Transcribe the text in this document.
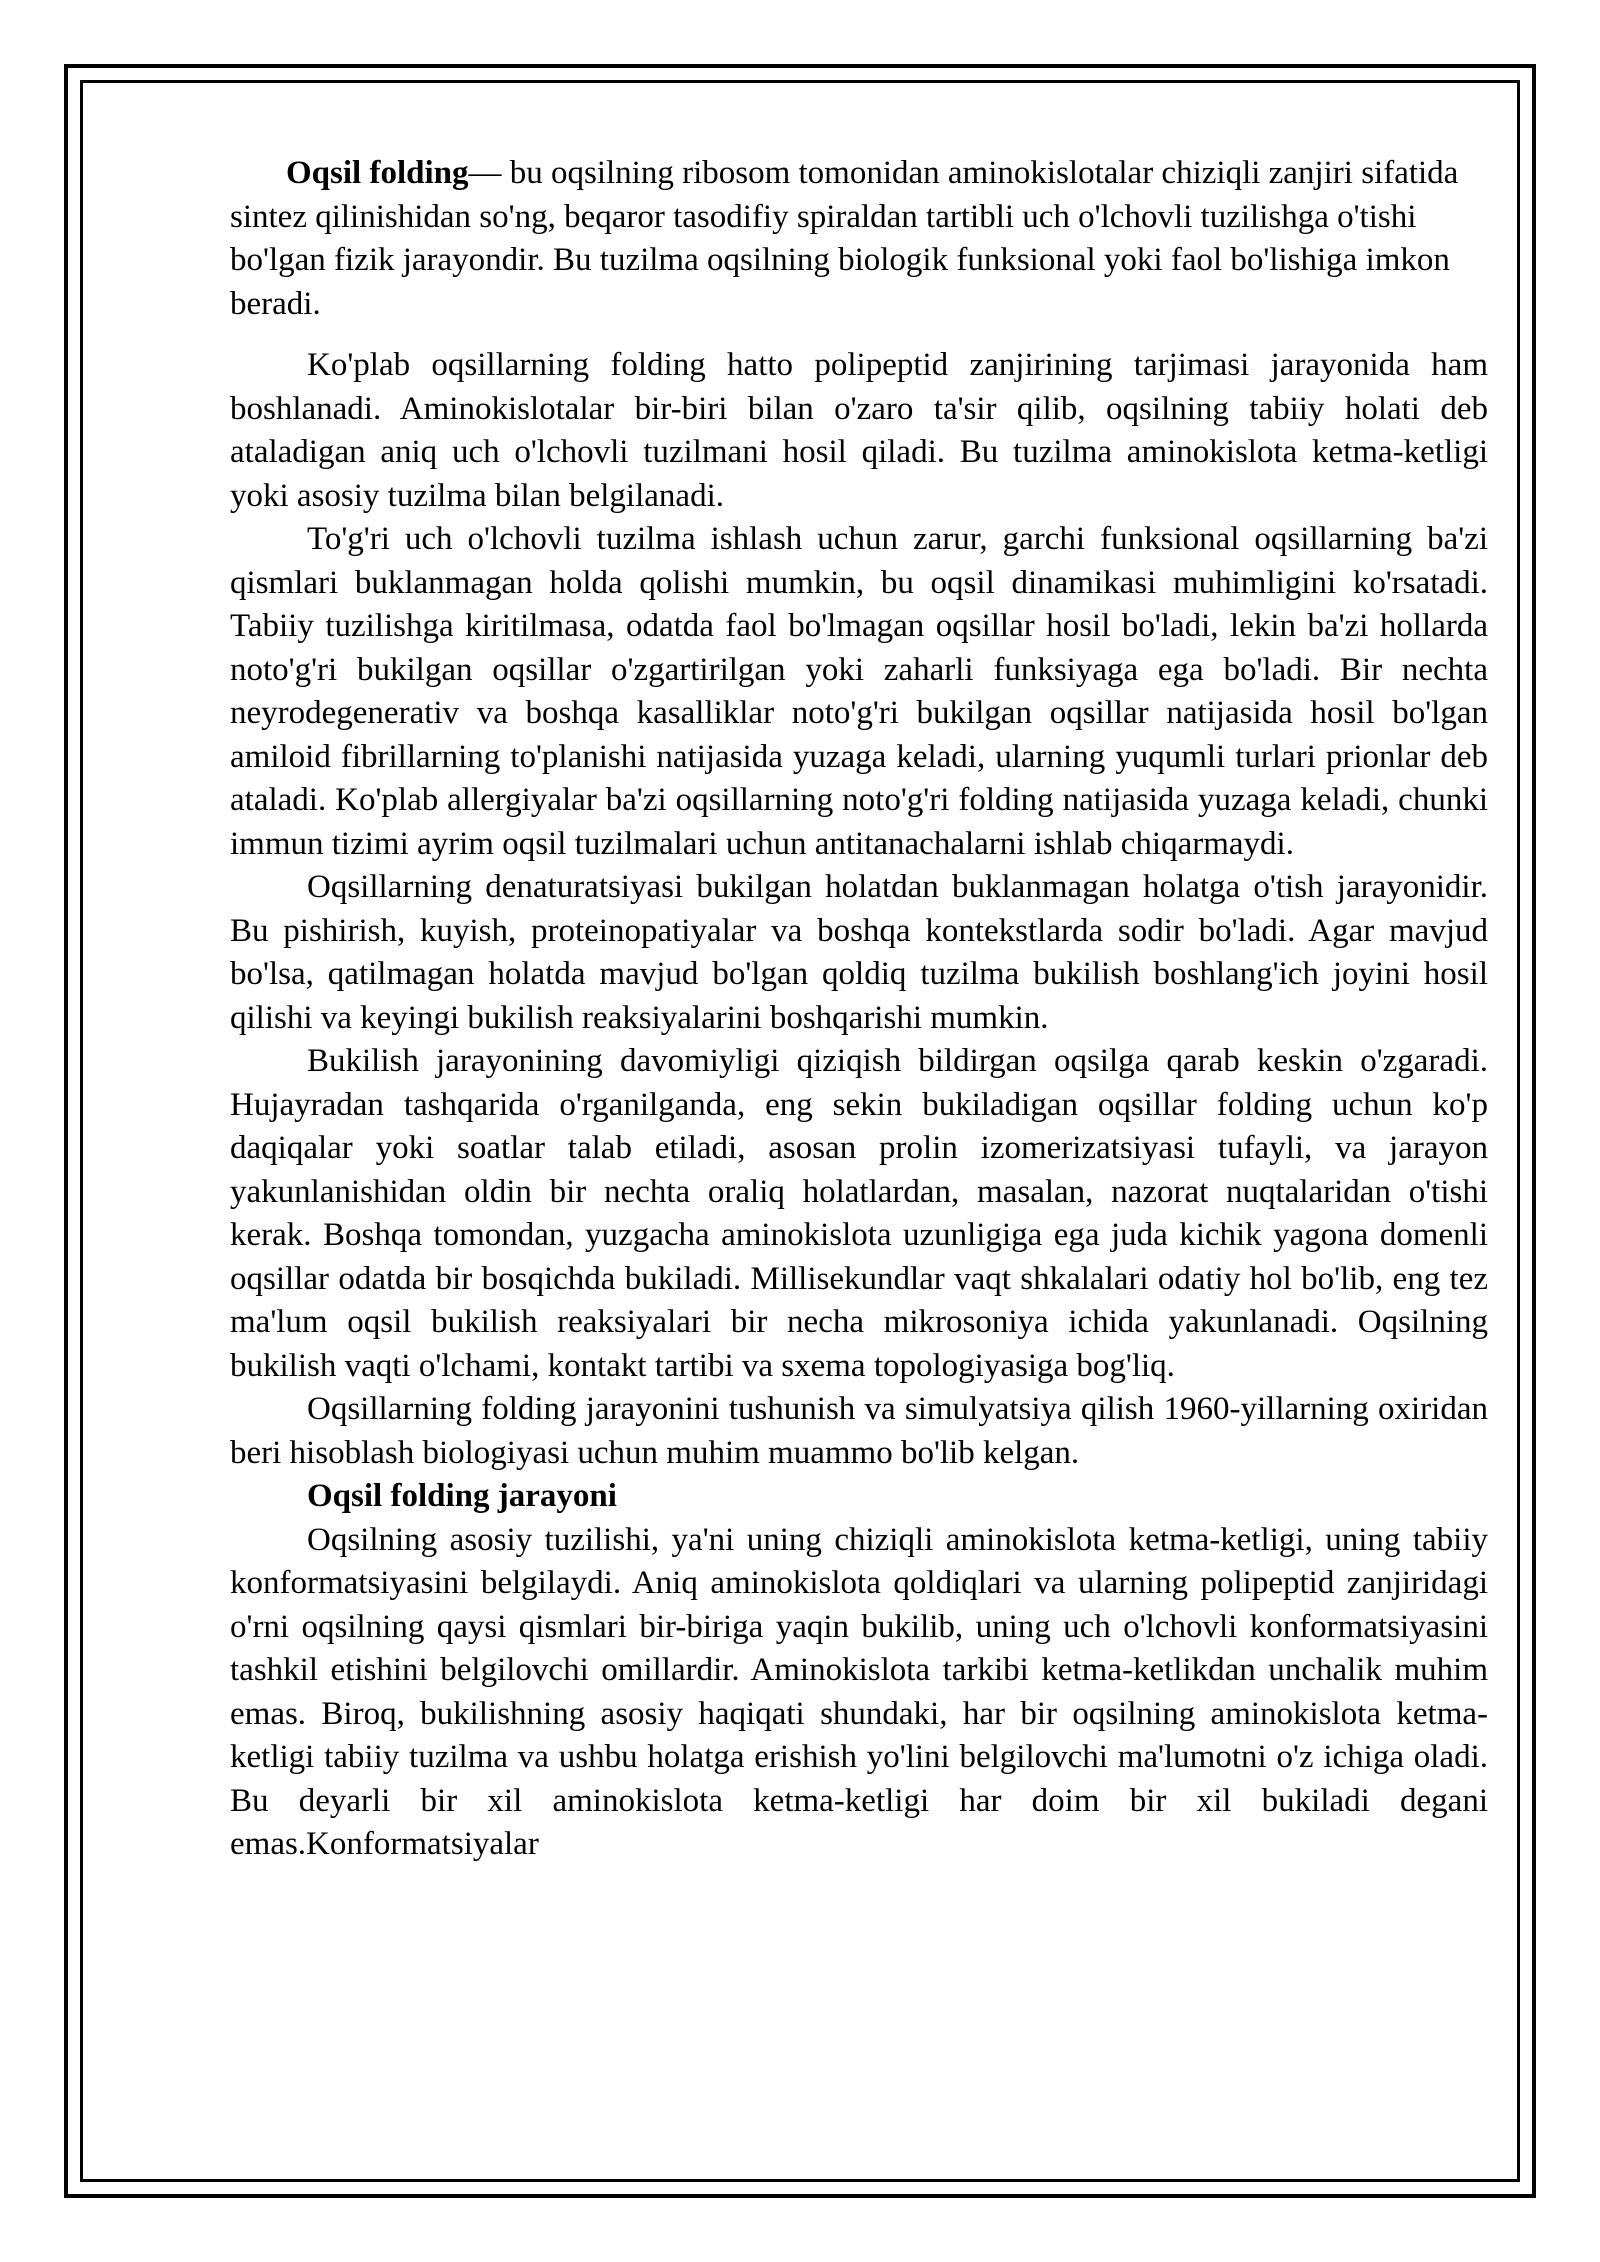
Oqsil folding— bu oqsilning ribosom tomonidan aminokislotalar chiziqli zanjiri sifatida sintez qilinishidan so'ng, beqaror tasodifiy spiraldan tartibli uch o'lchovli tuzilishga o'tishi bo'lgan fizik jarayondir. Bu tuzilma oqsilning biologik funksional yoki faol bo'lishiga imkon beradi.

Ko'plab oqsillarning folding hatto polipeptid zanjirining tarjimasi jarayonida ham boshlanadi. Aminokislotalar bir-biri bilan o'zaro ta'sir qilib, oqsilning tabiiy holati deb ataladigan aniq uch o'lchovli tuzilmani hosil qiladi. Bu tuzilma aminokislota ketma-ketligi yoki asosiy tuzilma bilan belgilanadi.

To'g'ri uch o'lchovli tuzilma ishlash uchun zarur, garchi funksional oqsillarning ba'zi qismlari buklanmagan holda qolishi mumkin, bu oqsil dinamikasi muhimligini ko'rsatadi. Tabiiy tuzilishga kiritilmasa, odatda faol bo'lmagan oqsillar hosil bo'ladi, lekin ba'zi hollarda noto'g'ri bukilgan oqsillar o'zgartirilgan yoki zaharli funksiyaga ega bo'ladi. Bir nechta neyrodegenerativ va boshqa kasalliklar noto'g'ri bukilgan oqsillar natijasida hosil bo'lgan amiloid fibrillarning to'planishi natijasida yuzaga keladi, ularning yuqumli turlari prionlar deb ataladi. Ko'plab allergiyalar ba'zi oqsillarning noto'g'ri folding natijasida yuzaga keladi, chunki immun tizimi ayrim oqsil tuzilmalari uchun antitanachalarni ishlab chiqarmaydi.

Oqsillarning denaturatsiyasi bukilgan holatdan buklanmagan holatga o'tish jarayonidir. Bu pishirish, kuyish, proteinopatiyalar va boshqa kontekstlarda sodir bo'ladi. Agar mavjud bo'lsa, qatilmagan holatda mavjud bo'lgan qoldiq tuzilma bukilish boshlang'ich joyini hosil qilishi va keyingi bukilish reaksiyalarini boshqarishi mumkin.

Bukilish jarayonining davomiyligi qiziqish bildirgan oqsilga qarab keskin o'zgaradi. Hujayradan tashqarida o'rganilganda, eng sekin bukiladigan oqsillar folding uchun ko'p daqiqalar yoki soatlar talab etiladi, asosan prolin izomerizatsiyasi tufayli, va jarayon yakunlanishidan oldin bir nechta oraliq holatlardan, masalan, nazorat nuqtalaridan o'tishi kerak. Boshqa tomondan, yuzgacha aminokislota uzunligiga ega juda kichik yagona domenli oqsillar odatda bir bosqichda bukiladi. Millisekundlar vaqt shkalalari odatiy hol bo'lib, eng tez ma'lum oqsil bukilish reaksiyalari bir necha mikrosoniya ichida yakunlanadi. Oqsilning bukilish vaqti o'lchami, kontakt tartibi va sxema topologiyasiga bog'liq.

Oqsillarning folding jarayonini tushunish va simulyatsiya qilish 1960-yillarning oxiridan beri hisoblash biologiyasi uchun muhim muammo bo'lib kelgan.

Oqsil folding jarayoni

Oqsilning asosiy tuzilishi, ya'ni uning chiziqli aminokislota ketma-ketligi, uning tabiiy konformatsiyasini belgilaydi. Aniq aminokislota qoldiqlari va ularning polipeptid zanjiridagi o'rni oqsilning qaysi qismlari bir-biriga yaqin bukilib, uning uch o'lchovli konformatsiyasini tashkil etishini belgilovchi omillardir. Aminokislota tarkibi ketma-ketlikdan unchalik muhim emas. Biroq, bukilishning asosiy haqiqati shundaki, har bir oqsilning aminokislota ketma-ketligi tabiiy tuzilma va ushbu holatga erishish yo'lini belgilovchi ma'lumotni o'z ichiga oladi. Bu deyarli bir xil aminokislota ketma-ketligi har doim bir xil bukiladi degani emas.Konformatsiyalar
